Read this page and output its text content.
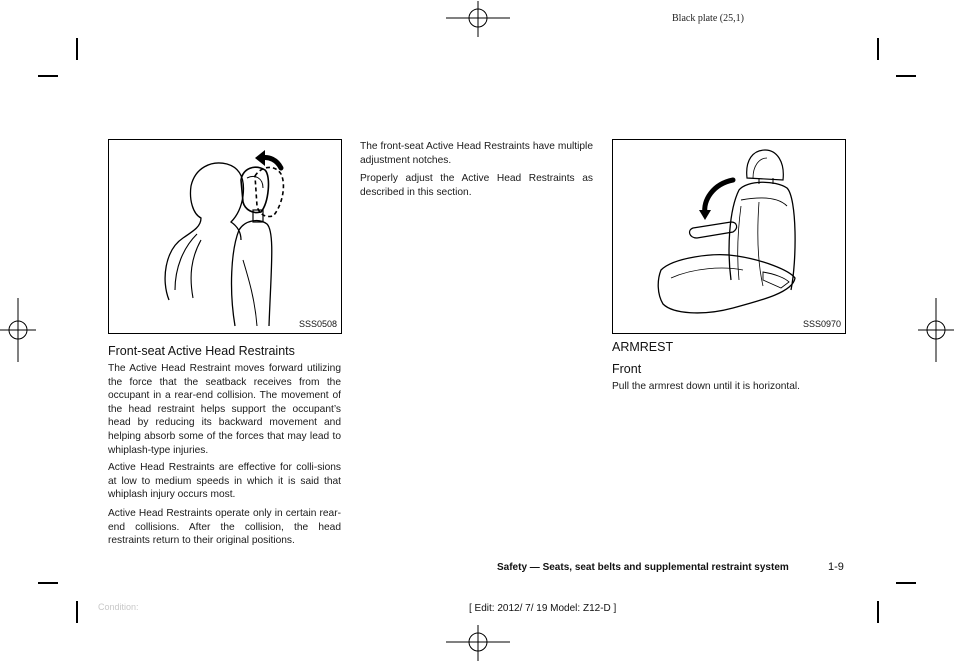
Black plate (25,1)
SSS0508
Front-seat Active Head Restraints
The Active Head Restraint moves forward utilizing the force that the seatback receives from the occupant in a rear-end collision. The movement of the head restraint helps support the occupant’s head by reducing its backward movement and helping absorb some of the forces that may lead to whiplash-type injuries.
Active Head Restraints are effective for colli-sions at low to medium speeds in which it is said that whiplash injury occurs most.
Active Head Restraints operate only in certain rear-end collisions. After the collision, the head restraints return to their original positions.
The front-seat Active Head Restraints have multiple adjustment notches.
Properly adjust the Active Head Restraints as described in this section.
SSS0970
ARMREST
Front
Pull the armrest down until it is horizontal.
Safety — Seats, seat belts and supplemental restraint system	1-9
Condition:	[ Edit: 2012/ 7/ 19 Model: Z12-D ]
